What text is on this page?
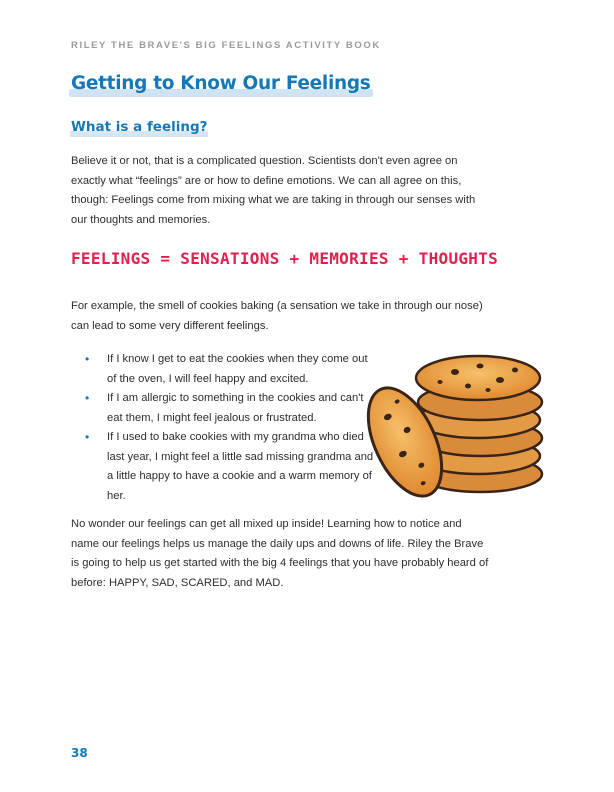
RILEY THE BRAVE'S BIG FEELINGS ACTIVITY BOOK
Getting to Know Our Feelings
What is a feeling?

Believe it or not, that is a complicated question. Scientists don't even agree on exactly what “feelings” are or how to define emotions. We can all agree on this, though: Feelings come from mixing what we are taking in through our senses with our thoughts and memories.

FEELINGS = SENSATIONS + MEMORIES + THOUGHTS

For example, the smell of cookies baking (a sensation we take in through our nose) can lead to some very different feelings.

• If I know I get to eat the cookies when they come out of the oven, I will feel happy and excited.
• If I am allergic to something in the cookies and can't eat them, I might feel jealous or frustrated.
• If I used to bake cookies with my grandma who died last year, I might feel a little sad missing grandma and a little happy to have a cookie and a warm memory of her.

No wonder our feelings can get all mixed up inside! Learning how to notice and name our feelings helps us manage the daily ups and downs of life. Riley the Brave is going to help us get started with the big 4 feelings that you have probably heard of before: HAPPY, SAD, SCARED, and MAD.

38
